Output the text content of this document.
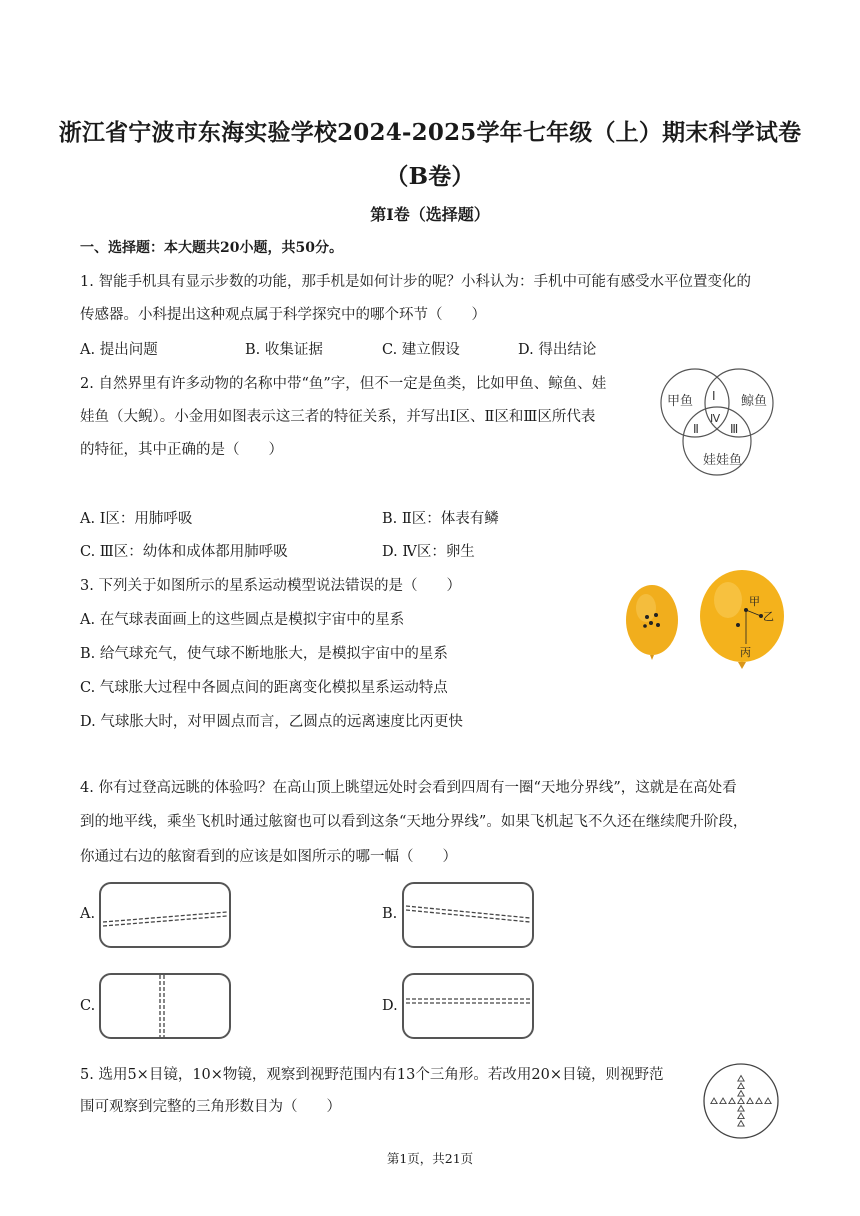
浙江省宁波市东海实验学校2024-2025学年七年级（上）期末科学试卷
（B卷）
第I卷（选择题）
一、选择题：本大题共20小题，共50分。
1. 智能手机具有显示步数的功能，那手机是如何计步的呢？小科认为：手机中可能有感受水平位置变化的
传感器。小科提出这种观点属于科学探究中的哪个环节（　　）
A. 提出问题	B. 收集证据	C. 建立假设	D. 得出结论
2. 自然界里有许多动物的名称中带“鱼”字，但不一定是鱼类，比如甲鱼、鲸鱼、娃
娃鱼（大鲵）。小金用如图表示这三者的特征关系，并写出Ⅰ区、Ⅱ区和Ⅲ区所代表
的特征，其中正确的是（　　）
甲鱼	鲸鱼
娃娃鱼
Ⅰ
Ⅱ	Ⅲ
Ⅳ
A. Ⅰ区：用肺呼吸	B. Ⅱ区：体表有鳞
C. Ⅲ区：幼体和成体都用肺呼吸	D. Ⅳ区：卵生
3. 下列关于如图所示的星系运动模型说法错误的是（　　）
A. 在气球表面画上的这些圆点是模拟宇宙中的星系
B. 给气球充气，使气球不断地胀大，是模拟宇宙中的星系
C. 气球胀大过程中各圆点间的距离变化模拟星系运动特点
D. 气球胀大时，对甲圆点而言，乙圆点的远离速度比丙更快
甲
乙
丙
4. 你有过登高远眺的体验吗？在高山顶上眺望远处时会看到四周有一圈“天地分界线”，这就是在高处看
到的地平线，乘坐飞机时通过舷窗也可以看到这条“天地分界线”。如果飞机起飞不久还在继续爬升阶段，
你通过右边的舷窗看到的应该是如图所示的哪一幅（　　）
A.	B.
C.	D.
5. 选用5×目镜，10×物镜，观察到视野范围内有13个三角形。若改用20×目镜，则视野范
围可观察到完整的三角形数目为（　　）
第1页，共21页
